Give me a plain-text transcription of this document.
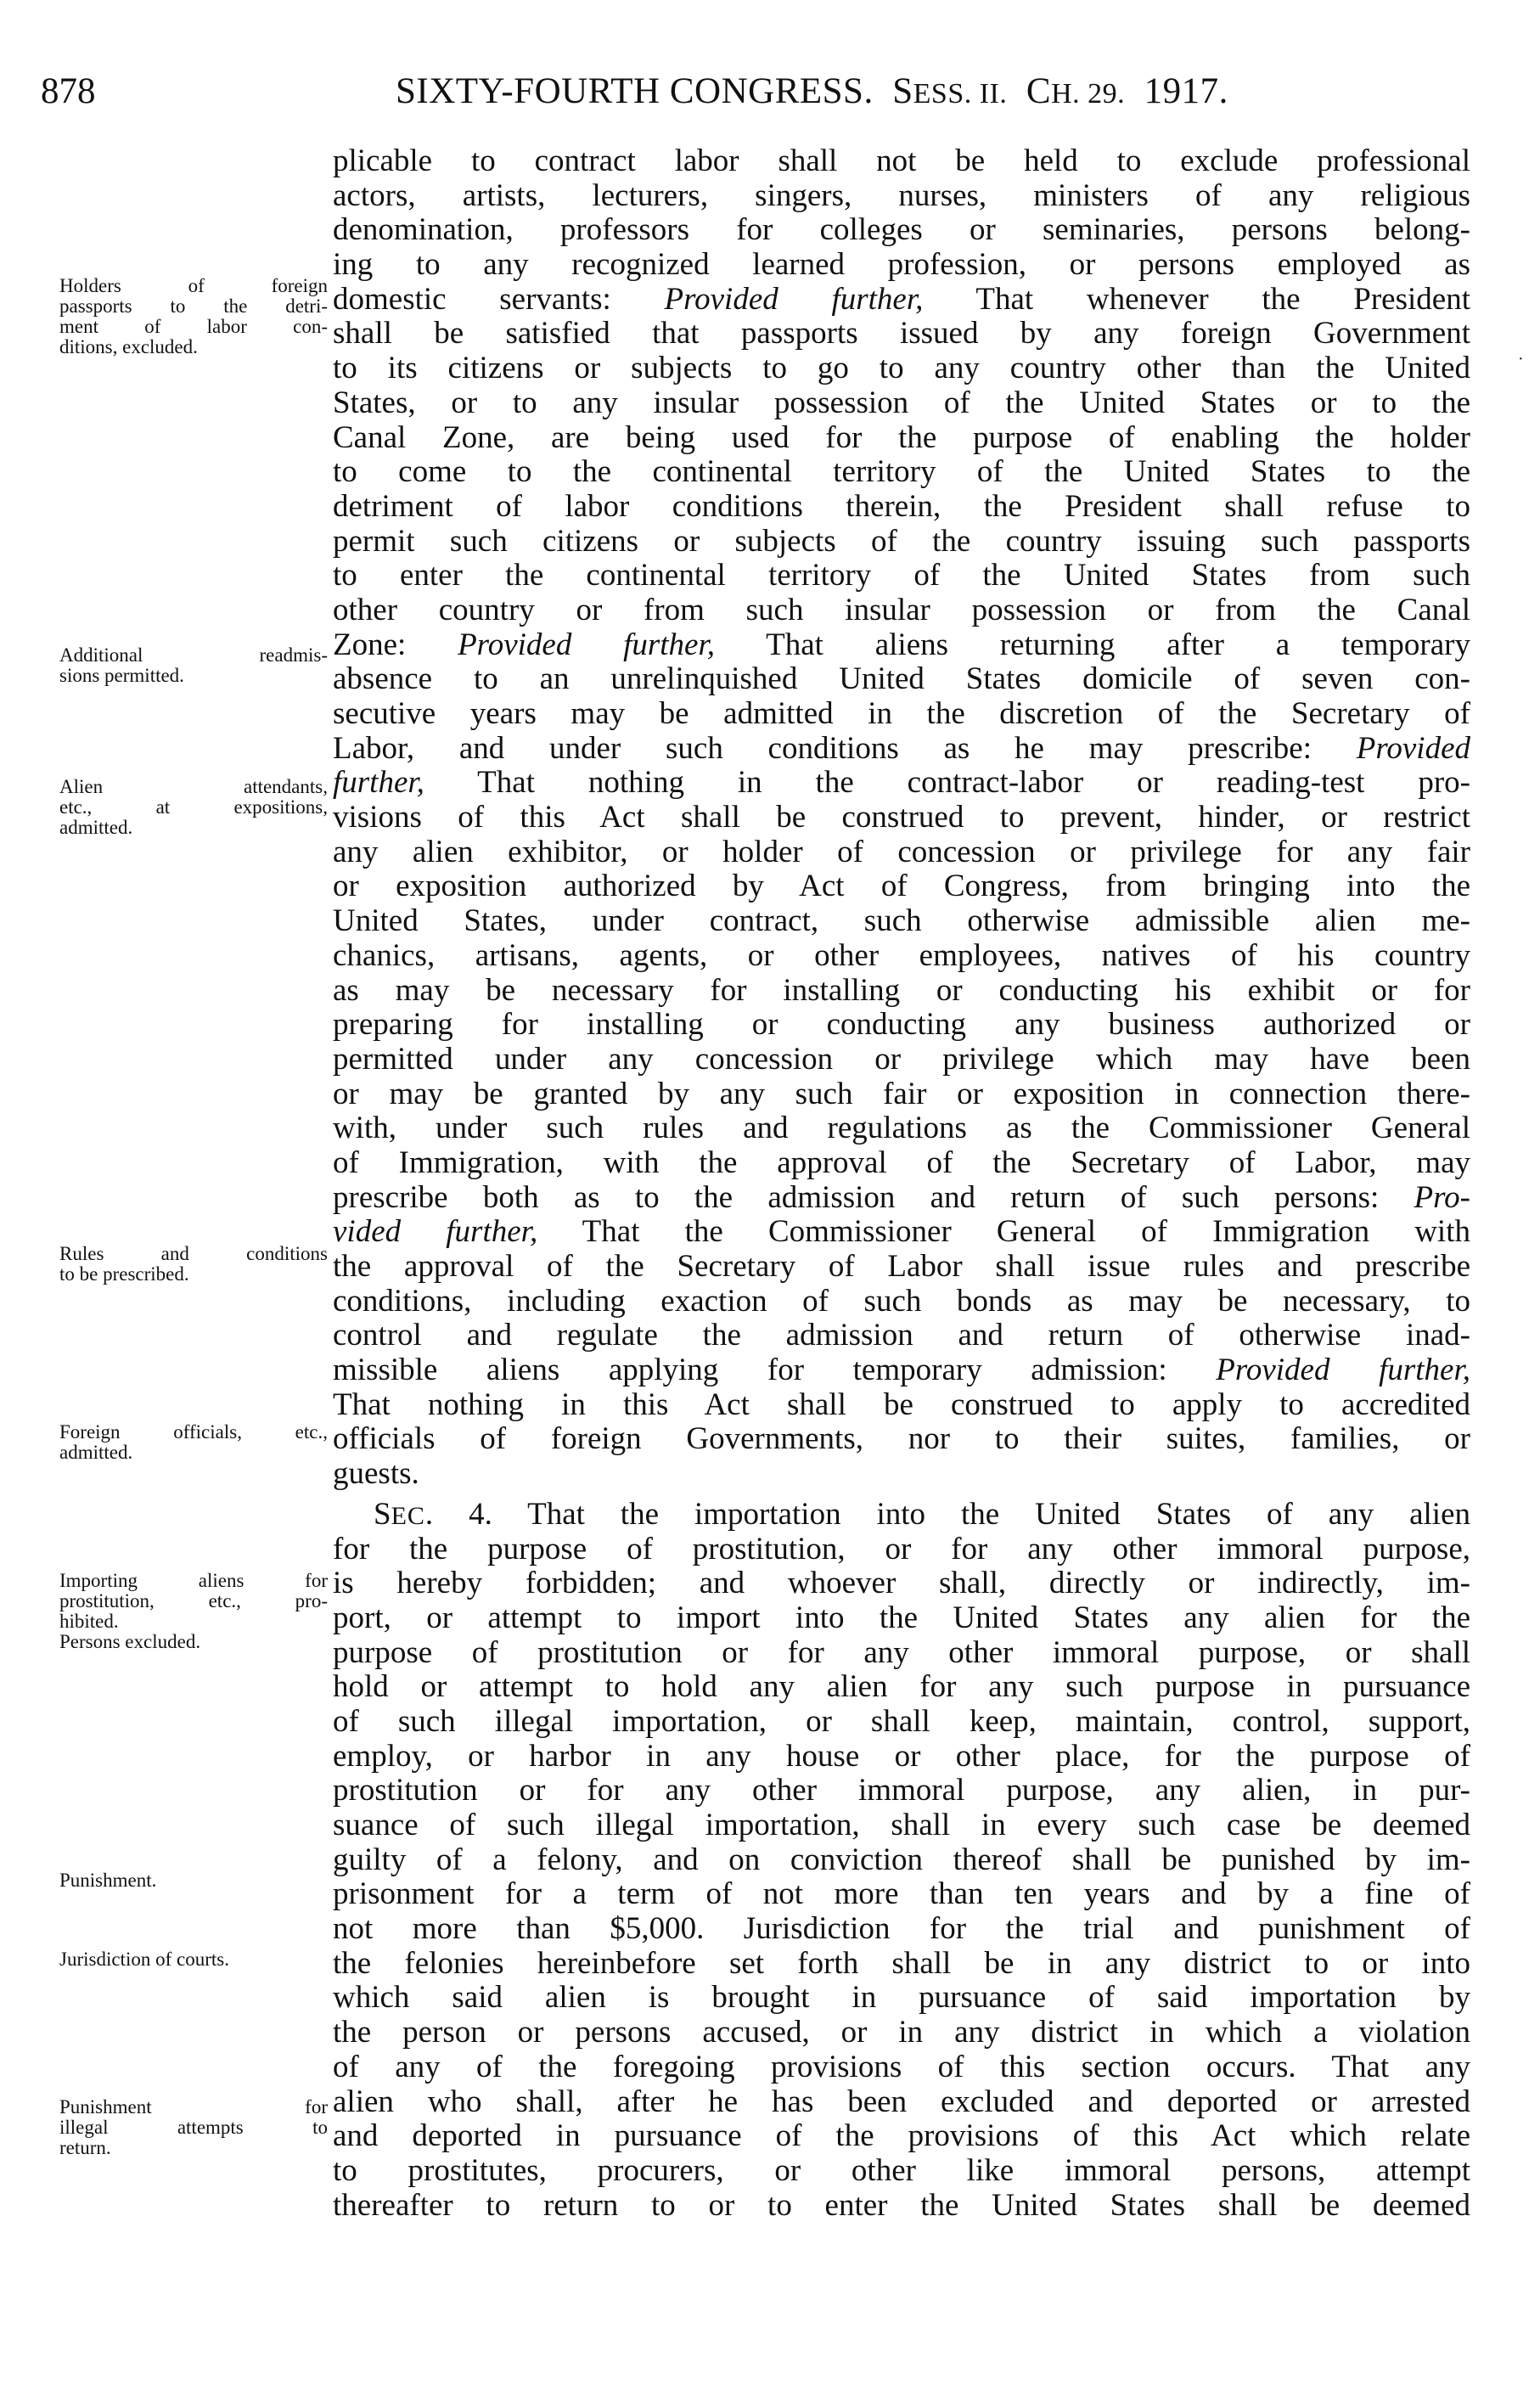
878	SIXTY-FOURTH CONGRESS. SESS. II. CH. 29. 1917.
Holders of foreign
passports to the detri-
ment of labor con-
ditions, excluded.
Additional readmis-
sions permitted.
Alien attendants,
etc., at expositions,
admitted.
Rules and conditions
to be prescribed.
Foreign officials, etc.,
admitted.
Importing aliens for
prostitution, etc., pro-
hibited.
Persons excluded.
Punishment.
Jurisdiction of courts.
Punishment for
illegal attempts to
return.
plicable to contract labor shall not be held to exclude professional
actors, artists, lecturers, singers, nurses, ministers of any religious
denomination, professors for colleges or seminaries, persons belong-
ing to any recognized learned profession, or persons employed as
domestic servants: Provided further, That whenever the President
shall be satisfied that passports issued by any foreign Government
to its citizens or subjects to go to any country other than the United
States, or to any insular possession of the United States or to the
Canal Zone, are being used for the purpose of enabling the holder
to come to the continental territory of the United States to the
detriment of labor conditions therein, the President shall refuse to
permit such citizens or subjects of the country issuing such passports
to enter the continental territory of the United States from such
other country or from such insular possession or from the Canal
Zone: Provided further, That aliens returning after a temporary
absence to an unrelinquished United States domicile of seven con-
secutive years may be admitted in the discretion of the Secretary of
Labor, and under such conditions as he may prescribe: Provided
further, That nothing in the contract-labor or reading-test pro-
visions of this Act shall be construed to prevent, hinder, or restrict
any alien exhibitor, or holder of concession or privilege for any fair
or exposition authorized by Act of Congress, from bringing into the
United States, under contract, such otherwise admissible alien me-
chanics, artisans, agents, or other employees, natives of his country
as may be necessary for installing or conducting his exhibit or for
preparing for installing or conducting any business authorized or
permitted under any concession or privilege which may have been
or may be granted by any such fair or exposition in connection there-
with, under such rules and regulations as the Commissioner General
of Immigration, with the approval of the Secretary of Labor, may
prescribe both as to the admission and return of such persons: Pro-
vided further, That the Commissioner General of Immigration with
the approval of the Secretary of Labor shall issue rules and prescribe
conditions, including exaction of such bonds as may be necessary, to
control and regulate the admission and return of otherwise inad-
missible aliens applying for temporary admission: Provided further,
That nothing in this Act shall be construed to apply to accredited
officials of foreign Governments, nor to their suites, families, or
guests.
SEC. 4. That the importation into the United States of any alien
for the purpose of prostitution, or for any other immoral purpose,
is hereby forbidden; and whoever shall, directly or indirectly, im-
port, or attempt to import into the United States any alien for the
purpose of prostitution or for any other immoral purpose, or shall
hold or attempt to hold any alien for any such purpose in pursuance
of such illegal importation, or shall keep, maintain, control, support,
employ, or harbor in any house or other place, for the purpose of
prostitution or for any other immoral purpose, any alien, in pur-
suance of such illegal importation, shall in every such case be deemed
guilty of a felony, and on conviction thereof shall be punished by im-
prisonment for a term of not more than ten years and by a fine of
not more than $5,000. Jurisdiction for the trial and punishment of
the felonies hereinbefore set forth shall be in any district to or into
which said alien is brought in pursuance of said importation by
the person or persons accused, or in any district in which a violation
of any of the foregoing provisions of this section occurs. That any
alien who shall, after he has been excluded and deported or arrested
and deported in pursuance of the provisions of this Act which relate
to prostitutes, procurers, or other like immoral persons, attempt
thereafter to return to or to enter the United States shall be deemed
·
